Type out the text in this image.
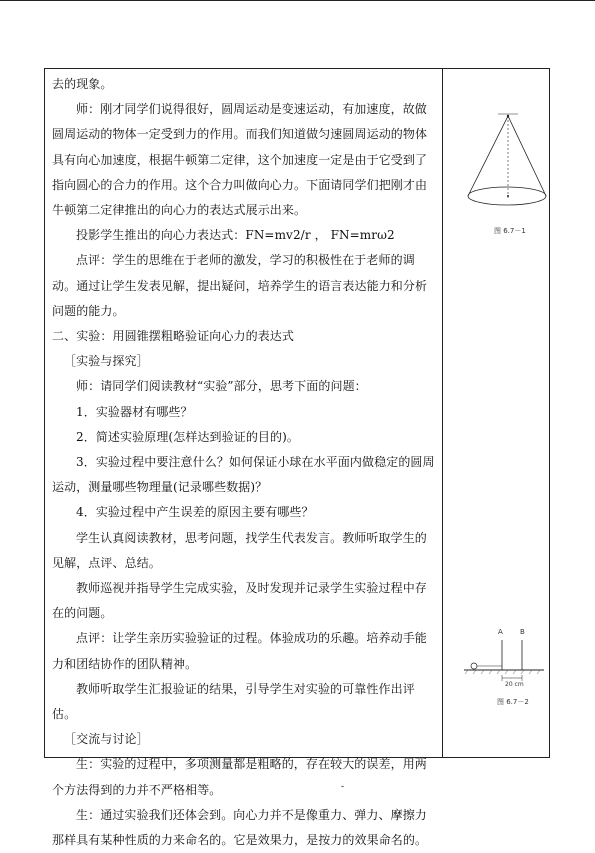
去的现象。

师：刚才同学们说得很好，圆周运动是变速运动，有加速度，故做圆周运动的物体一定受到力的作用。而我们知道做匀速圆周运动的物体具有向心加速度，根据牛顿第二定律，这个加速度一定是由于它受到了指向圆心的合力的作用。这个合力叫做向心力。下面请同学们把刚才由牛顿第二定律推出的向心力的表达式展示出来。

投影学生推出的向心力表达式：FN=mv2/r ， FN=mrω2

点评：学生的思维在于老师的激发，学习的积极性在于老师的调动。通过让学生发表见解，提出疑问，培养学生的语言表达能力和分析问题的能力。

二、实验：用圆锥摆粗略验证向心力的表达式

［实验与探究］

师：请同学们阅读教材“实验”部分，思考下面的问题：

1．实验器材有哪些？

2．简述实验原理(怎样达到验证的目的)。

3．实验过程中要注意什么？如何保证小球在水平面内做稳定的圆周运动，测量哪些物理量(记录哪些数据)？

4．实验过程中产生误差的原因主要有哪些？

学生认真阅读教材，思考问题，找学生代表发言。教师听取学生的见解，点评、总结。

教师巡视并指导学生完成实验，及时发现并记录学生实验过程中存在的问题。

点评：让学生亲历实验验证的过程。体验成功的乐趣。培养动手能力和团结协作的团队精神。

教师听取学生汇报验证的结果，引导学生对实验的可靠性作出评估。

［交流与讨论］

生：实验的过程中，多项测量都是粗略的，存在较大的误差，用两个方法得到的力并不严格相等。

生：通过实验我们还体会到。向心力并不是像重力、弹力、摩擦力那样具有某种性质的力来命名的。它是效果力，是按力的效果命名的。

图 6.7－1
A B
20 cm
图 6.7－2
-
